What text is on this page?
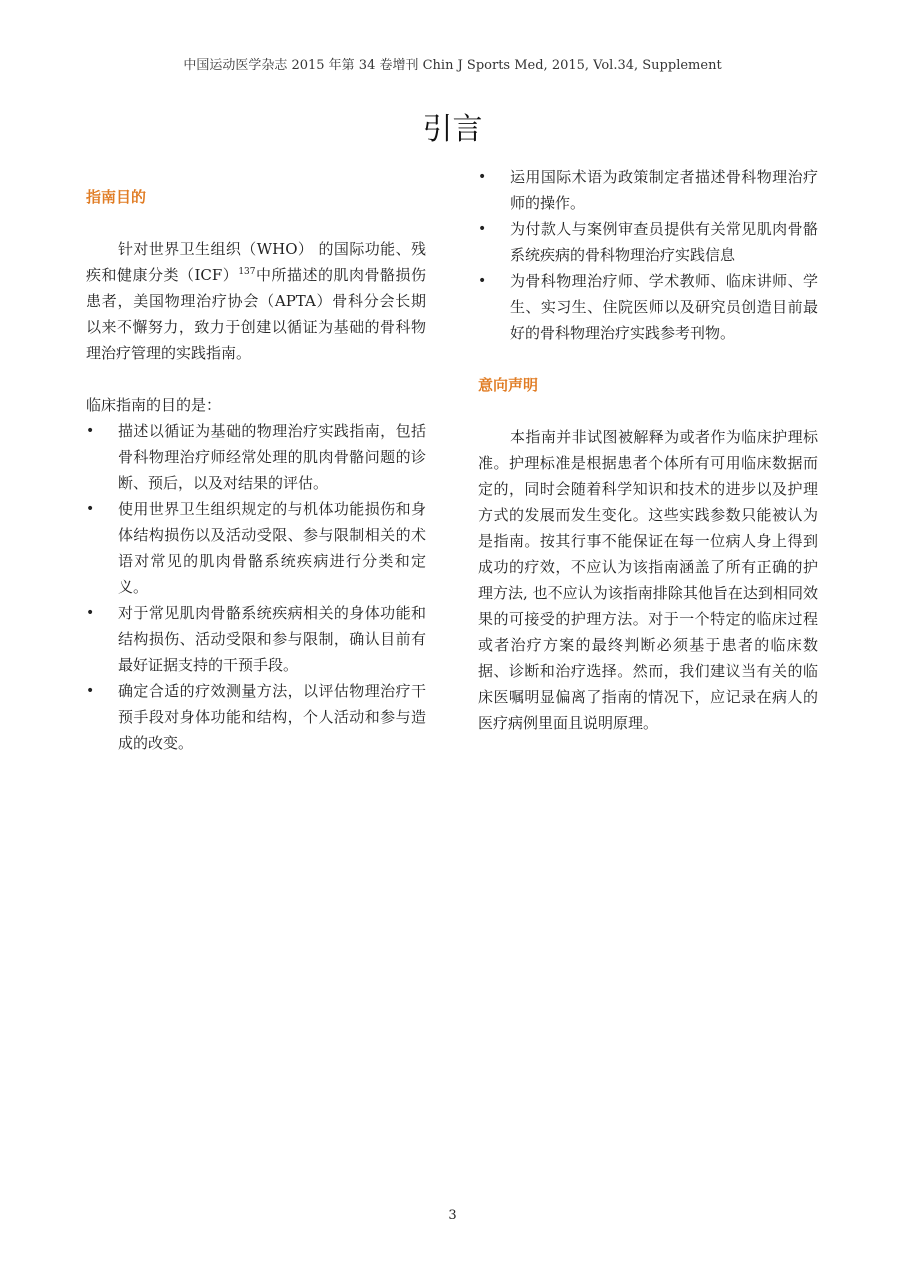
中国运动医学杂志 2015 年第 34 卷增刊 Chin J Sports Med, 2015, Vol.34, Supplement
引言
指南目的

针对世界卫生组织（WHO） 的国际功能、残疾和健康分类（ICF）$^{137}$中所描述的肌肉骨骼损伤患者，美国物理治疗协会（APTA）骨科分会长期以来不懈努力，致力于创建以循证为基础的骨科物理治疗管理的实践指南。

临床指南的目的是：

• 描述以循证为基础的物理治疗实践指南，包括骨科物理治疗师经常处理的肌肉骨骼问题的诊断、预后，以及对结果的评估。
• 使用世界卫生组织规定的与机体功能损伤和身体结构损伤以及活动受限、参与限制相关的术语对常见的肌肉骨骼系统疾病进行分类和定义。
• 对于常见肌肉骨骼系统疾病相关的身体功能和结构损伤、活动受限和参与限制，确认目前有最好证据支持的干预手段。
• 确定合适的疗效测量方法，以评估物理治疗干预手段对身体功能和结构，个人活动和参与造成的改变。
• 运用国际术语为政策制定者描述骨科物理治疗师的操作。
• 为付款人与案例审查员提供有关常见肌肉骨骼系统疾病的骨科物理治疗实践信息
• 为骨科物理治疗师、学术教师、临床讲师、学生、实习生、住院医师以及研究员创造目前最好的骨科物理治疗实践参考刊物。
意向声明

本指南并非试图被解释为或者作为临床护理标准。护理标准是根据患者个体所有可用临床数据而定的，同时会随着科学知识和技术的进步以及护理方式的发展而发生变化。这些实践参数只能被认为是指南。按其行事不能保证在每一位病人身上得到成功的疗效，不应认为该指南涵盖了所有正确的护理方法, 也不应认为该指南排除其他旨在达到相同效果的可接受的护理方法。对于一个特定的临床过程或者治疗方案的最终判断必须基于患者的临床数据、诊断和治疗选择。然而，我们建议当有关的临床医嘱明显偏离了指南的情况下，应记录在病人的医疗病例里面且说明原理。

3
